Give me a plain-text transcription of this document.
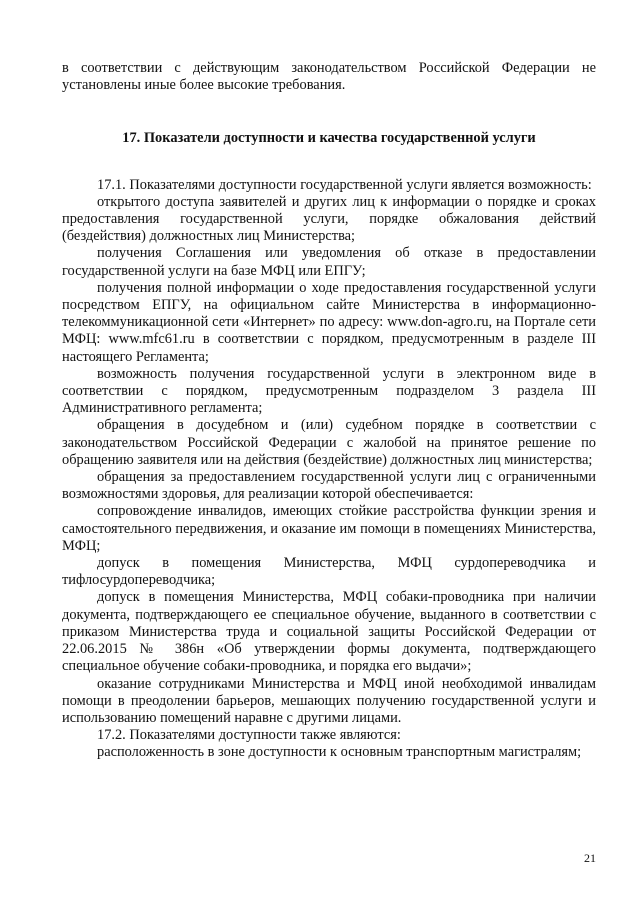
в соответствии с действующим законодательством Российской Федерации не установлены иные более высокие требования.

17. Показатели доступности и качества государственной услуги

17.1. Показателями доступности государственной услуги является возможность:

открытого доступа заявителей и других лиц к информации о порядке и сроках предоставления государственной услуги, порядке обжалования действий (бездействия) должностных лиц Министерства;

получения Соглашения или уведомления об отказе в предоставлении государственной услуги на базе МФЦ или ЕПГУ;

получения полной информации о ходе предоставления государственной услуги посредством ЕПГУ, на официальном сайте Министерства в информационно-телекоммуникационной сети «Интернет» по адресу: www.don-agro.ru, на Портале сети МФЦ: www.mfc61.ru в соответствии с порядком, предусмотренным в разделе III настоящего Регламента;

возможность получения государственной услуги в электронном виде в соответствии с порядком, предусмотренным подразделом 3 раздела III Административного регламента;

обращения в досудебном и (или) судебном порядке в соответствии с законодательством Российской Федерации с жалобой на принятое решение по обращению заявителя или на действия (бездействие) должностных лиц министерства;

обращения за предоставлением государственной услуги лиц с ограниченными возможностями здоровья, для реализации которой обеспечивается:

сопровождение инвалидов, имеющих стойкие расстройства функции зрения и самостоятельного передвижения, и оказание им помощи в помещениях Министерства, МФЦ;

допуск в помещения Министерства, МФЦ сурдопереводчика и тифлосурдопереводчика;

допуск в помещения Министерства, МФЦ собаки-проводника при наличии документа, подтверждающего ее специальное обучение, выданного в соответствии с приказом Министерства труда и социальной защиты Российской Федерации от 22.06.2015 № 386н «Об утверждении формы документа, подтверждающего специальное обучение собаки-проводника, и порядка его выдачи»;

оказание сотрудниками Министерства и МФЦ иной необходимой инвалидам помощи в преодолении барьеров, мешающих получению государственной услуги и использованию помещений наравне с другими лицами.

17.2. Показателями доступности также являются:

расположенность в зоне доступности к основным транспортным магистралям;

21
